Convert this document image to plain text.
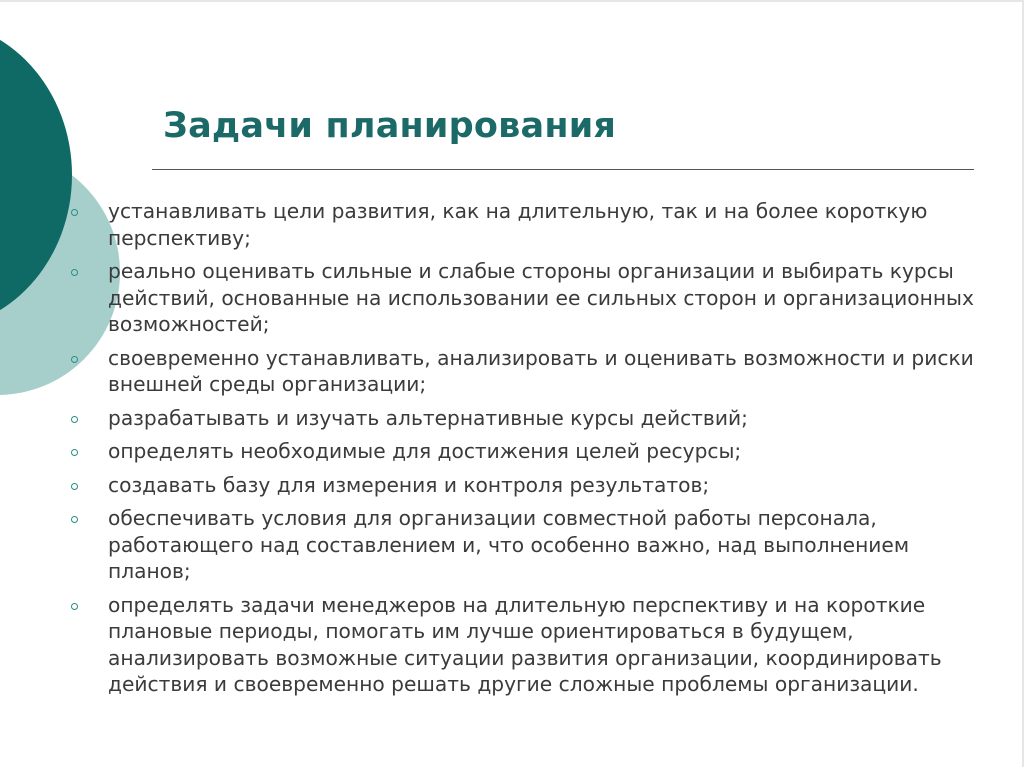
Задачи планирования
устанавливать цели развития, как на длительную, так и на более короткую перспективу;
реально оценивать сильные и слабые стороны организации и выбирать курсы действий, основанные на использовании ее сильных сторон и организационных возможностей;
своевременно устанавливать, анализировать и оценивать возможности и риски внешней среды организации;
разрабатывать и изучать альтернативные курсы действий;
определять необходимые для достижения целей ресурсы;
создавать базу для измерения и контроля результатов;
обеспечивать условия для организации совместной работы персонала, работающего над составлением и, что особенно важно, над выполнением планов;
определять задачи менеджеров на длительную перспективу и на короткие плановые периоды, помогать им лучше ориентироваться в будущем, анализировать возможные ситуации развития организации, координировать действия и своевременно решать другие сложные проблемы организации.
